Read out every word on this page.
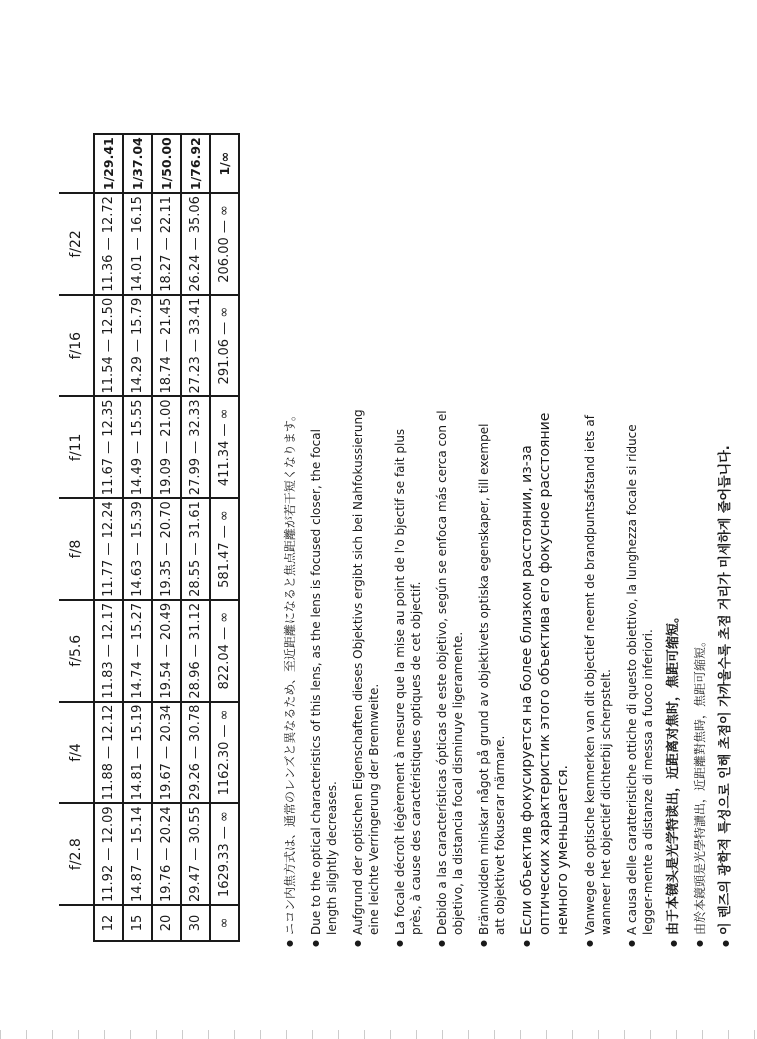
	f/2.8	f/4	f/5.6	f/8	f/11	f/16	f/22	
12	11.92 — 12.09	11.88 — 12.12	11.83 — 12.17	11.77 — 12.24	11.67 — 12.35	11.54 — 12.50	11.36 — 12.72	1/29.41
15	14.87 — 15.14	14.81 — 15.19	14.74 — 15.27	14.63 — 15.39	14.49 — 15.55	14.29 — 15.79	14.01 — 16.15	1/37.04
20	19.76 — 20.24	19.67 — 20.34	19.54 — 20.49	19.35 — 20.70	19.09 — 21.00	18.74 — 21.45	18.27 — 22.11	1/50.00
30	29.47 — 30.55	29.26 — 30.78	28.96 — 31.12	28.55 — 31.61	27.99 — 32.33	27.23 — 33.41	26.24 — 35.06	1/76.92
∞	1629.33 — ∞	1162.30 — ∞	822.04 — ∞	581.47 — ∞	411.34 — ∞	291.06 — ∞	206.00 — ∞	1/∞
● ニコン内焦方式は、通常のレンズと異なるため、至近距離になると焦点距離が若干短くなります。 ● Due to the optical characteristics of this lens, as the lens is focused closer, the focal length slightly decreases. ● Aufgrund der optischen Eigenschaften dieses Objektivs ergibt sich bei Nahfokussierung eine leichte Verringerung der Brennweite. ● La focale décroît légèrement à mesure que la mise au point de l'o bjectif se fait plus près, à cause des caractéristiques optiques de cet objectif. ● Debido a las características ópticas de este objetivo, según se enfoca más cerca con el objetivo, la distancia focal disminuye ligeramente. ● Brännvidden minskar något på grund av objektivets optiska egenskaper, till exempel att objektivet fokuserar närmare. ● Если объектив фокусируется на более близком расстоянии, из-за оптических характеристик этого объектива его фокусное расстояние немного уменьшается. ● Vanwege de optische kenmerken van dit objectief neemt de brandpuntsafstand iets af wanneer het objectief dichterbij scherpstelt. ● A causa delle caratteristiche ottiche di questo obiettivo, la lunghezza focale si riduce legger-mente a distanze di messa a fuoco inferiori. ● 由于本镜头是光学特读出，近距离对焦时，焦距可缩短。 ● 由於本鏡頭是光學特讀出，近距離對焦時，焦距可縮短。 ● 이 렌즈의 광학적 특성으로 인해 초점이 가까울수록 초점 거리가 미세하게 줄어듭니다.
